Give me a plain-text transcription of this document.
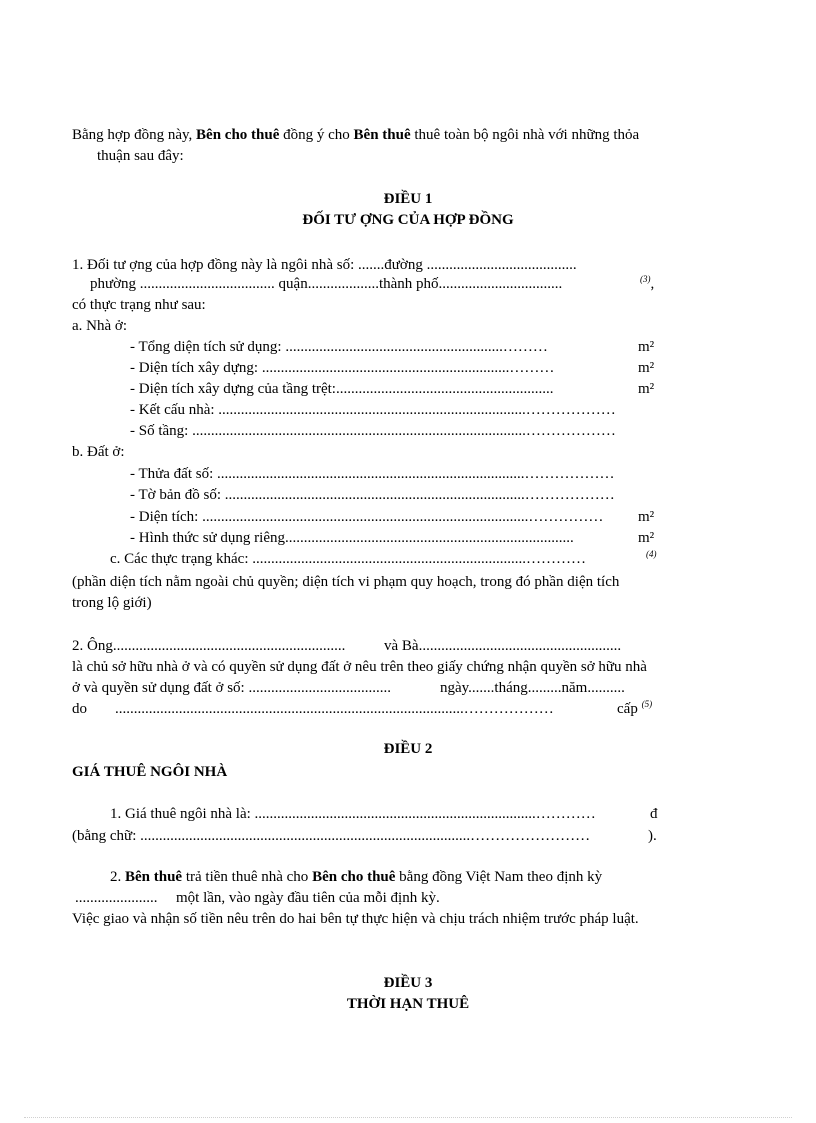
Bằng hợp đồng này, Bên cho thuê đồng ý cho Bên thuê thuê toàn bộ ngôi nhà với những thỏa
thuận sau đây:
ĐIỀU 1
ĐỐI TƯ ỢNG CỦA HỢP ĐỒNG
1. Đối tư ợng của hợp đồng này là ngôi nhà số: .......đường ........................................
phường .................................... quận...................thành phố.................................	$^{(3)}$,
có thực trạng như sau:
a. Nhà ở:
- Tổng diện tích sử dụng: ..........................................................………	m²
- Diện tích xây dựng: ..................................................................………	m²
- Diện tích xây dựng của tầng trệt:..........................................................	m²
- Kết cấu nhà: ..................................................................................………………
- Số tầng: .........................................................................................………………
b. Đất ở:
- Thửa đất số: ..................................................................................………………
- Tờ bản đồ số: ................................................................................………………
- Diện tích: .......................................................................................…………… m²
- Hình thức sử dụng riêng.............................................................................	m²
c. Các thực trạng khác: .........................................................................…………	$^{(4)}$
(phần diện tích nằm ngoài chủ quyền; diện tích vi phạm quy hoạch, trong đó phần diện tích
trong lộ giới)
2. Ông..............................................................	và Bà......................................................
là chủ sở hữu nhà ở và có quyền sử dụng đất ở nêu trên theo giấy chứng nhận quyền sở hữu nhà
ở và quyền sử dụng đất ở số: ......................................	ngày.......tháng.........năm..........
do .............................................................................................………………	cấp $^{(5)}$
ĐIỀU 2
GIÁ THUÊ NGÔI NHÀ
1. Giá thuê ngôi nhà là: ...........................................................................…………	đ
(bằng chữ: ........................................................................................……………………	).
2. Bên thuê trả tiền thuê nhà cho Bên cho thuê bằng đồng Việt Nam theo định kỳ
...................... một lần, vào ngày đầu tiên của mỗi định kỳ.
Việc giao và nhận số tiền nêu trên do hai bên tự thực hiện và chịu trách nhiệm trước pháp luật.
ĐIỀU 3
THỜI HẠN THUÊ
